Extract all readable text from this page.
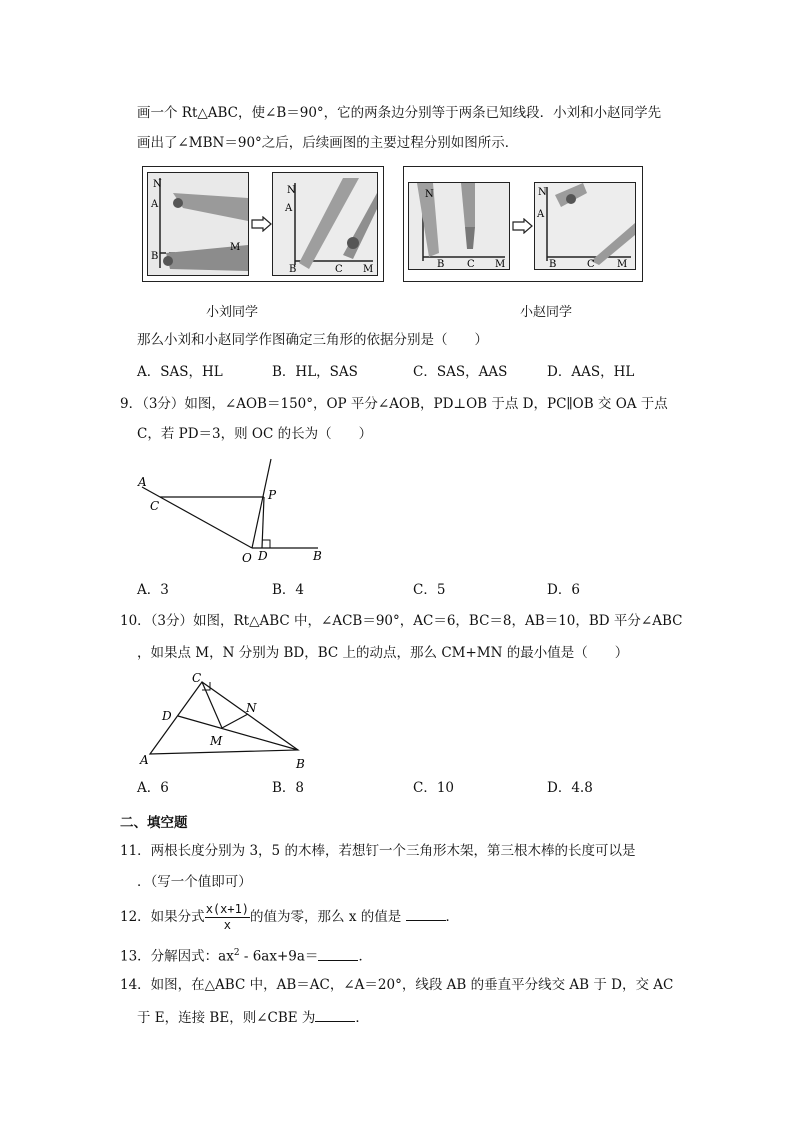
画一个 Rt△ABC，使∠B＝90°，它的两条边分别等于两条已知线段．小刘和小赵同学先
画出了∠MBN＝90°之后，后续画图的主要过程分别如图所示．
N
A
B
M
N
A
B	C M
N
B C M
N
A
B	C M
小刘同学	小赵同学
那么小刘和小赵同学作图确定三角形的依据分别是（　　）
A．SAS，HL	B．HL，SAS	C．SAS，AAS	D．AAS，HL
9．（3分）如图，∠AOB＝150°，OP 平分∠AOB，PD⊥OB 于点 D，PC∥OB 交 OA 于点
C，若 PD＝3，则 OC 的长为（　　）
A
C
P
O D	B
A．3	B．4	C．5	D．6
10．（3分）如图，Rt△ABC 中，∠ACB＝90°，AC＝6，BC＝8，AB＝10，BD 平分∠ABC
，如果点 M，N 分别为 BD，BC 上的动点，那么 CM+MN 的最小值是（　　）
C
D
N
M
A	B
A．6	B．8	C．10	D．4.8
二、填空题
11．两根长度分别为 3，5 的木棒，若想钉一个三角形木架，第三根木棒的长度可以是
．（写一个值即可）
12．如果分式 $\frac{x(x+1)}{x}$ 的值为零，那么 x 的值是	．
13．分解因式：$ax^2 - 6ax+9a=$	．
14．如图，在△ABC 中，AB＝AC，∠A＝20°，线段 AB 的垂直平分线交 AB 于 D，交 AC
于 E，连接 BE，则∠CBE 为	．
